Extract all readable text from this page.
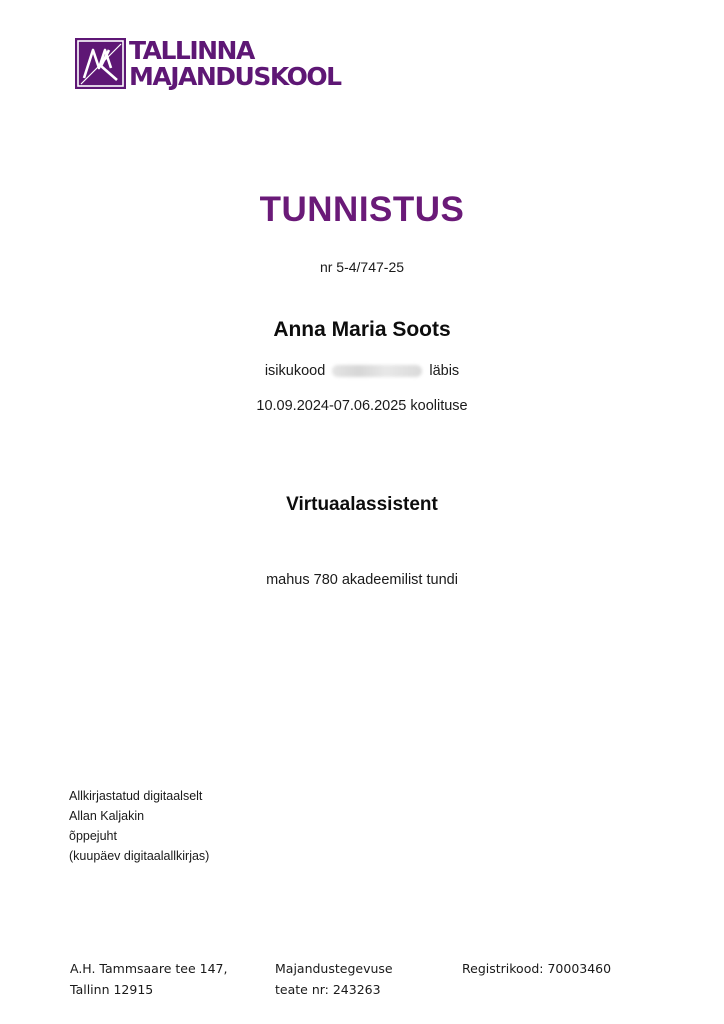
TALLINNA
MAJANDUSKOOL
TUNNISTUS
nr 5-4/747-25
Anna Maria Soots
isikukood	läbis
10.09.2024-07.06.2025 koolituse
Virtuaalassistent
mahus 780 akadeemilist tundi
Allkirjastatud digitaalselt
Allan Kaljakin
õppejuht
(kuupäev digitaalallkirjas)
A.H. Tammsaare tee 147,
Tallinn 12915
Majandustegevuse
teate nr: 243263
Registrikood: 70003460
